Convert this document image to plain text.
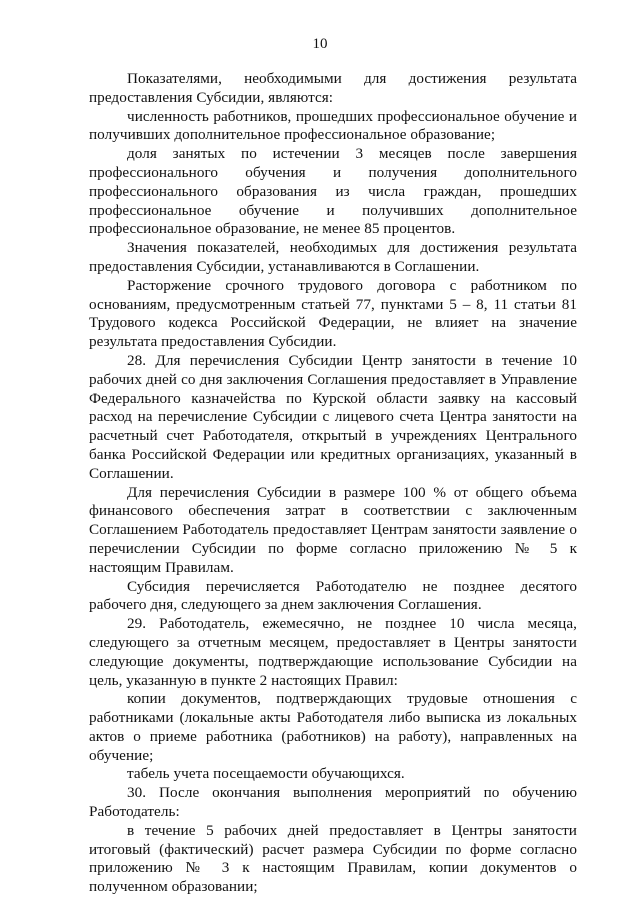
10

Показателями, необходимыми для достижения результата предоставления Субсидии, являются:

численность работников, прошедших профессиональное обучение и получивших дополнительное профессиональное образование;

доля занятых по истечении 3 месяцев после завершения профессионального обучения и получения дополнительного профессионального образования из числа граждан, прошедших профессиональное обучение и получивших дополнительное профессиональное образование, не менее 85 процентов.

Значения показателей, необходимых для достижения результата предоставления Субсидии, устанавливаются в Соглашении.

Расторжение срочного трудового договора с работником по основаниям, предусмотренным статьей 77, пунктами 5 – 8, 11 статьи 81 Трудового кодекса Российской Федерации, не влияет на значение результата предоставления Субсидии.

28. Для перечисления Субсидии Центр занятости в течение 10 рабочих дней со дня заключения Соглашения предоставляет в Управление Федерального казначейства по Курской области заявку на кассовый расход на перечисление Субсидии с лицевого счета Центра занятости на расчетный счет Работодателя, открытый в учреждениях Центрального банка Российской Федерации или кредитных организациях, указанный в Соглашении.

Для перечисления Субсидии в размере 100 % от общего объема финансового обеспечения затрат в соответствии с заключенным Соглашением Работодатель предоставляет Центрам занятости заявление о перечислении Субсидии по форме согласно приложению № 5 к настоящим Правилам.

Субсидия перечисляется Работодателю не позднее десятого рабочего дня, следующего за днем заключения Соглашения.

29. Работодатель, ежемесячно, не позднее 10 числа месяца, следующего за отчетным месяцем, предоставляет в Центры занятости следующие документы, подтверждающие использование Субсидии на цель, указанную в пункте 2 настоящих Правил:

копии документов, подтверждающих трудовые отношения с работниками (локальные акты Работодателя либо выписка из локальных актов о приеме работника (работников) на работу), направленных на обучение;

табель учета посещаемости обучающихся.

30. После окончания выполнения мероприятий по обучению Работодатель:

в течение 5 рабочих дней предоставляет в Центры занятости итоговый (фактический) расчет размера Субсидии по форме согласно приложению № 3 к настоящим Правилам, копии документов о полученном образовании;
